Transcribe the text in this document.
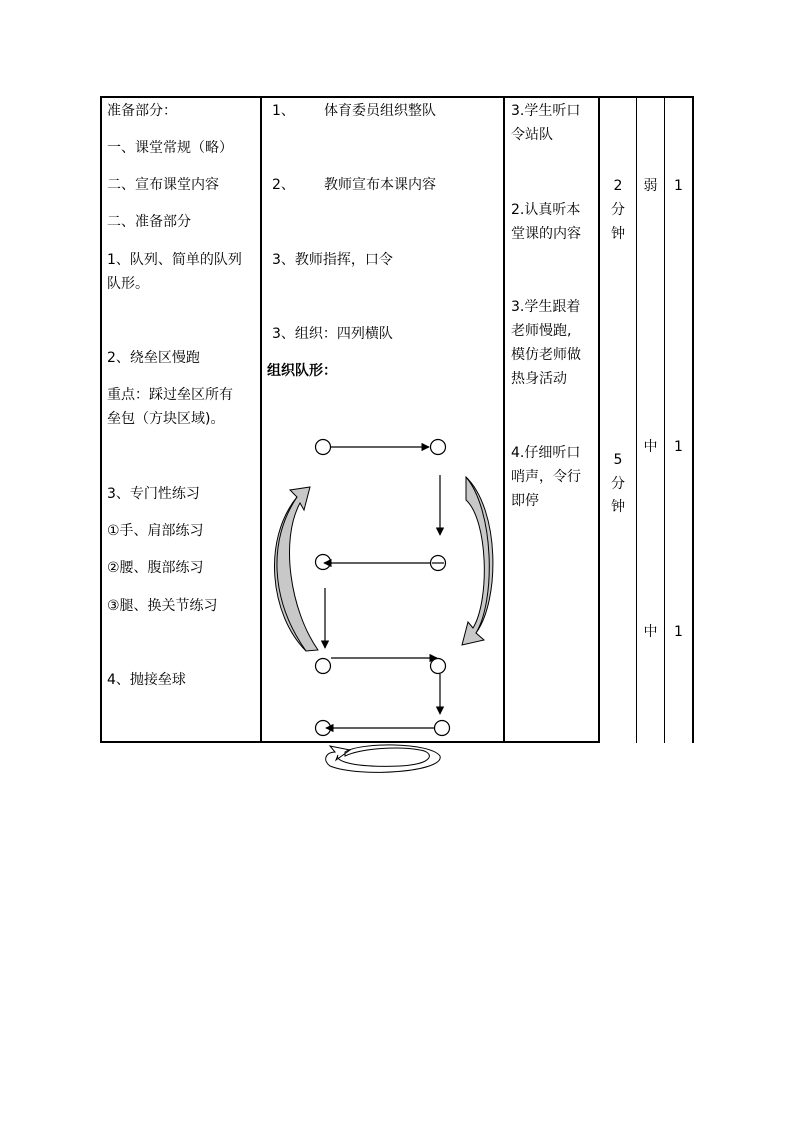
准备部分：
一、课堂常规（略）
二、宣布课堂内容
二、准备部分
1、队列、简单的队列
队形。
2、绕垒区慢跑
重点：踩过垒区所有
垒包（方块区域)。
3、专门性练习
①手、肩部练习
②腰、腹部练习
③腿、换关节练习
4、抛接垒球
1、 体育委员组织整队
2、 教师宣布本课内容
3、教师指挥，口令
3、组织：四列横队
组织队形：
3.学生听口
令站队
2.认真听本
堂课的内容
3.学生跟着
老师慢跑,
模仿老师做
热身活动
4.仔细听口
哨声，令行
即停
2
分
钟
5
分
钟
弱
中
中
1
1
1
